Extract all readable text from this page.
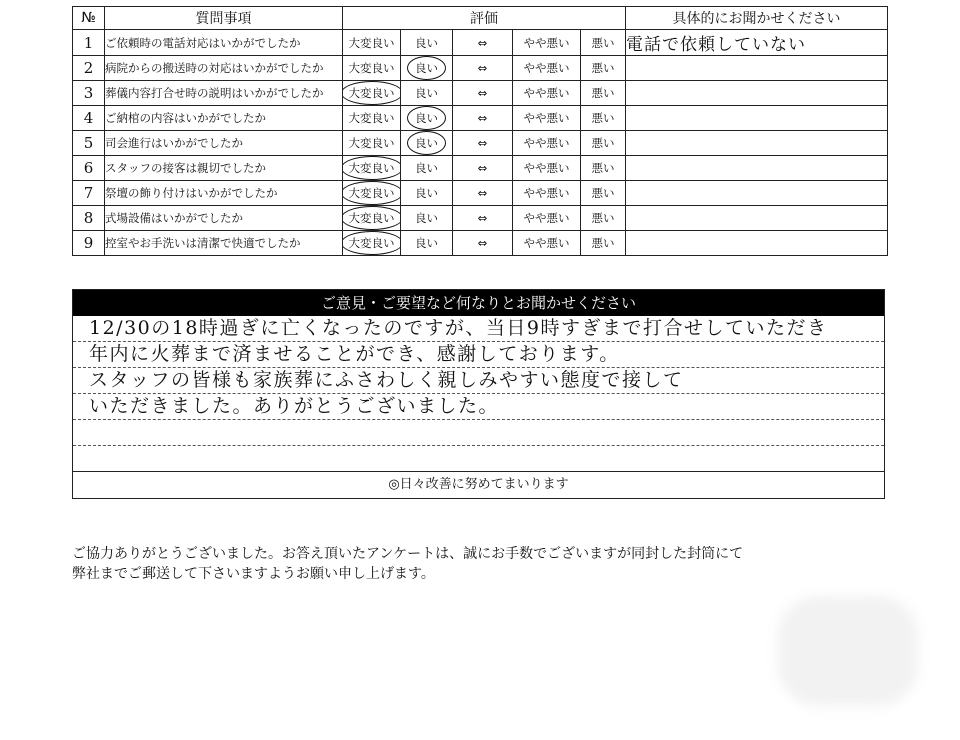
№	質問事項	評価					具体的にお聞かせください
1	ご依頼時の電話対応はいかがでしたか	大変良い	良い	⇔	やや悪い	悪い	電話で依頼していない
2	病院からの搬送時の対応はいかがでしたか	大変良い	良い	⇔	やや悪い	悪い	
3	葬儀内容打合せ時の説明はいかがでしたか	大変良い	良い	⇔	やや悪い	悪い	
4	ご納棺の内容はいかがでしたか	大変良い	良い	⇔	やや悪い	悪い	
5	司会進行はいかがでしたか	大変良い	良い	⇔	やや悪い	悪い	
6	スタッフの接客は親切でしたか	大変良い	良い	⇔	やや悪い	悪い	
7	祭壇の飾り付けはいかがでしたか	大変良い	良い	⇔	やや悪い	悪い	
8	式場設備はいかがでしたか	大変良い	良い	⇔	やや悪い	悪い	
9	控室やお手洗いは清潔で快適でしたか	大変良い	良い	⇔	やや悪い	悪い	
ご意見・ご要望など何なりとお聞かせください
12/30の18時過ぎに亡くなったのですが、当日9時すぎまで打合せしていただき
年内に火葬まで済ませることができ、感謝しております。
スタッフの皆様も家族葬にふさわしく親しみやすい態度で接して
いただきました。ありがとうございました。
◎日々改善に努めてまいります
ご協力ありがとうございました。お答え頂いたアンケートは、誠にお手数でございますが同封した封筒にて
弊社までご郵送して下さいますようお願い申し上げます。
